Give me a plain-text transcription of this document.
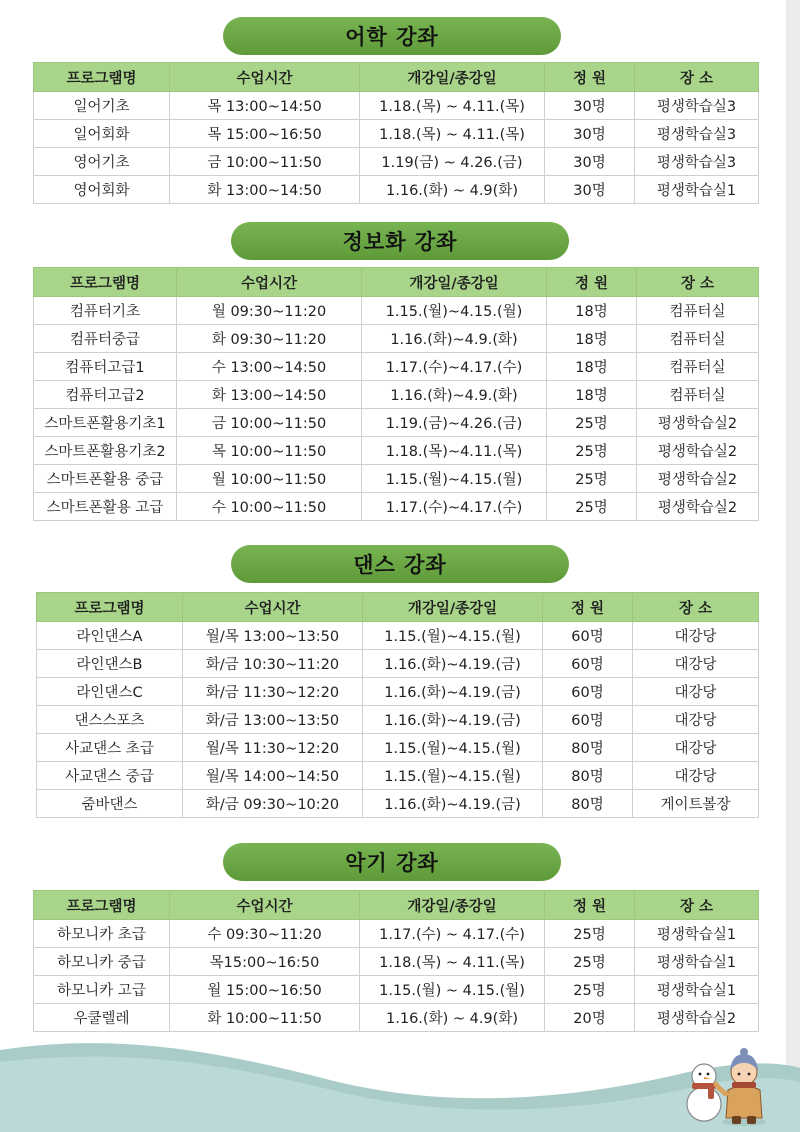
어학 강좌
프로그램명	수업시간	개강일/종강일	정 원	장 소
일어기초	목 13:00~14:50	1.18.(목) ~ 4.11.(목)	30명	평생학습실3
일어회화	목 15:00~16:50	1.18.(목) ~ 4.11.(목)	30명	평생학습실3
영어기초	금 10:00~11:50	1.19(금) ~ 4.26.(금)	30명	평생학습실3
영어회화	화 13:00~14:50	1.16.(화) ~ 4.9(화)	30명	평생학습실1
정보화 강좌
프로그램명	수업시간	개강일/종강일	정 원	장 소
컴퓨터기초	월 09:30~11:20	1.15.(월)~4.15.(월)	18명	컴퓨터실
컴퓨터중급	화 09:30~11:20	1.16.(화)~4.9.(화)	18명	컴퓨터실
컴퓨터고급1	수 13:00~14:50	1.17.(수)~4.17.(수)	18명	컴퓨터실
컴퓨터고급2	화 13:00~14:50	1.16.(화)~4.9.(화)	18명	컴퓨터실
스마트폰활용기초1	금 10:00~11:50	1.19.(금)~4.26.(금)	25명	평생학습실2
스마트폰활용기초2	목 10:00~11:50	1.18.(목)~4.11.(목)	25명	평생학습실2
스마트폰활용 중급	월 10:00~11:50	1.15.(월)~4.15.(월)	25명	평생학습실2
스마트폰활용 고급	수 10:00~11:50	1.17.(수)~4.17.(수)	25명	평생학습실2
댄스 강좌
프로그램명	수업시간	개강일/종강일	정 원	장 소
라인댄스A	월/목 13:00~13:50	1.15.(월)~4.15.(월)	60명	대강당
라인댄스B	화/금 10:30~11:20	1.16.(화)~4.19.(금)	60명	대강당
라인댄스C	화/금 11:30~12:20	1.16.(화)~4.19.(금)	60명	대강당
댄스스포츠	화/금 13:00~13:50	1.16.(화)~4.19.(금)	60명	대강당
사교댄스 초급	월/목 11:30~12:20	1.15.(월)~4.15.(월)	80명	대강당
사교댄스 중급	월/목 14:00~14:50	1.15.(월)~4.15.(월)	80명	대강당
줌바댄스	화/금 09:30~10:20	1.16.(화)~4.19.(금)	80명	게이트볼장
악기 강좌
프로그램명	수업시간	개강일/종강일	정 원	장 소
하모니카 초급	수 09:30~11:20	1.17.(수) ~ 4.17.(수)	25명	평생학습실1
하모니카 중급	목15:00~16:50	1.18.(목) ~ 4.11.(목)	25명	평생학습실1
하모니카 고급	월 15:00~16:50	1.15.(월) ~ 4.15.(월)	25명	평생학습실1
우쿨렐레	화 10:00~11:50	1.16.(화) ~ 4.9(화)	20명	평생학습실2
